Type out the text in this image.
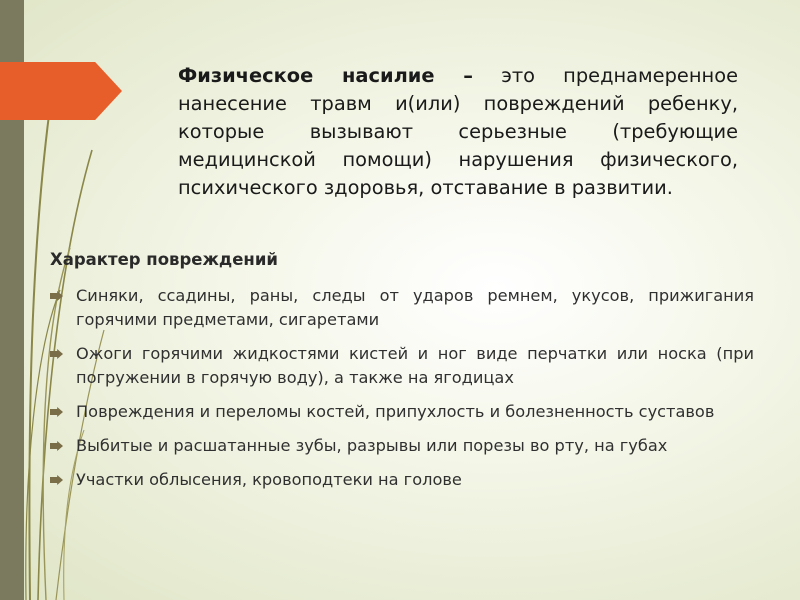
Физическое насилие – это преднамеренное нанесение травм и(или) повреждений ребенку, которые вызывают серьезные (требующие медицинской помощи) нарушения физического, психического здоровья, отставание в развитии.

Характер повреждений
Синяки, ссадины, раны, следы от ударов ремнем, укусов, прижигания горячими предметами, сигаретами
Ожоги горячими жидкостями кистей и ног виде перчатки или носка (при погружении в горячую воду), а также на ягодицах
Повреждения и переломы костей, припухлость и болезненность суставов
Выбитые и расшатанные зубы, разрывы или порезы во рту, на губах
Участки облысения, кровоподтеки на голове
